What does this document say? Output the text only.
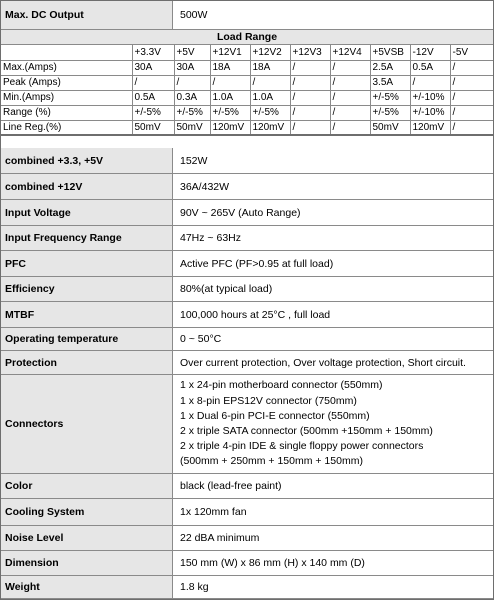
Max. DC Output	500W
Load Range
	+3.3V	+5V	+12V1	+12V2	+12V3	+12V4	+5VSB	-12V	-5V
Max.(Amps)	30A	30A	18A	18A	/	/	2.5A	0.5A	/
Peak (Amps)	/	/	/	/	/	/	3.5A	/	/
Min.(Amps)	0.5A	0.3A	1.0A	1.0A	/	/	+/-5%	+/-10%	/
Range (%)	+/-5%	+/-5%	+/-5%	+/-5%	/	/	+/-5%	+/-10%	/
Line Reg.(%)	50mV	50mV	120mV	120mV	/	/	50mV	120mV	/
combined +3.3, +5V	152W
combined +12V	36A/432W
Input Voltage	90V ~ 265V (Auto Range)
Input Frequency Range	47Hz ~ 63Hz
PFC	Active PFC (PF>0.95 at full load)
Efficiency	80%(at typical load)
MTBF	100,000 hours at 25°C , full load
Operating temperature	0 ~ 50°C
Protection	Over current protection, Over voltage protection, Short circuit.
Connectors
1 x 24-pin motherboard connector (550mm)
1 x 8-pin EPS12V connector (750mm)
1 x Dual 6-pin PCI-E connector (550mm)
2 x triple SATA connector (500mm +150mm + 150mm)
2 x triple 4-pin IDE & single floppy power connectors
(500mm + 250mm + 150mm + 150mm)
Color	black (lead-free paint)
Cooling System	1x 120mm fan
Noise Level	22 dBA minimum
Dimension	150 mm (W) x 86 mm (H) x 140 mm (D)
Weight	1.8 kg
